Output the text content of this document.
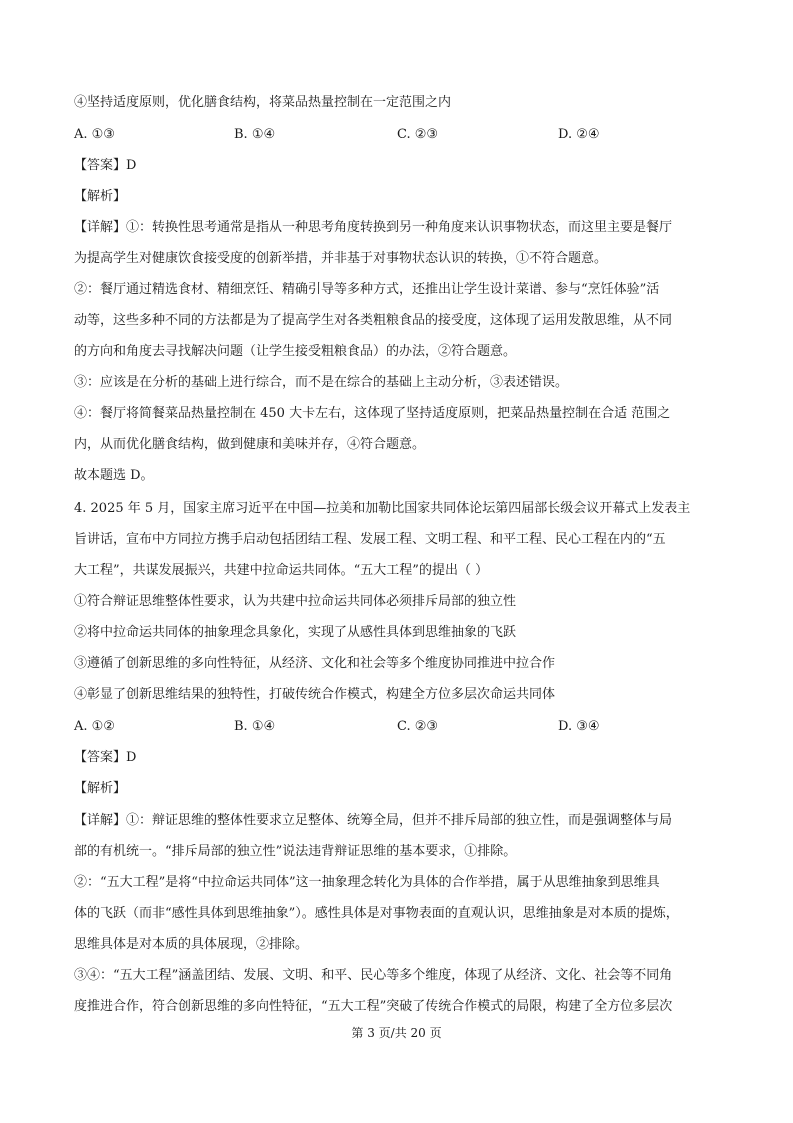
④坚持适度原则，优化膳食结构，将菜品热量控制在一定范围之内
A. ①③	B. ①④	C. ②③	D. ②④
【答案】D
【解析】
【详解】①：转换性思考通常是指从一种思考角度转换到另一种角度来认识事物状态，而这里主要是餐厅
为提高学生对健康饮食接受度的创新举措，并非基于对事物状态认识的转换，①不符合题意。
②：餐厅通过精选食材、精细烹饪、精确引导等多种方式，还推出让学生设计菜谱、参与“烹饪体验”活
动等，这些多种不同的方法都是为了提高学生对各类粗粮食品的接受度，这体现了运用发散思维，从不同
的方向和角度去寻找解决问题（让学生接受粗粮食品）的办法，②符合题意。
③：应该是在分析的基础上进行综合，而不是在综合的基础上主动分析，③表述错误。
④：餐厅将简餐菜品热量控制在 450 大卡左右，这体现了坚持适度原则，把菜品热量控制在合适 范围之
内，从而优化膳食结构，做到健康和美味并存，④符合题意。
故本题选 D。
4. 2025 年 5 月，国家主席习近平在中国—拉美和加勒比国家共同体论坛第四届部长级会议开幕式上发表主
旨讲话，宣布中方同拉方携手启动包括团结工程、发展工程、文明工程、和平工程、民心工程在内的“五
大工程”，共谋发展振兴，共建中拉命运共同体。“五大工程”的提出（ ）
①符合辩证思维整体性要求，认为共建中拉命运共同体必须排斥局部的独立性
②将中拉命运共同体的抽象理念具象化，实现了从感性具体到思维抽象的飞跃
③遵循了创新思维的多向性特征，从经济、文化和社会等多个维度协同推进中拉合作
④彰显了创新思维结果的独特性，打破传统合作模式，构建全方位多层次命运共同体
A. ①②	B. ①④	C. ②③	D. ③④
【答案】D
【解析】
【详解】①：辩证思维的整体性要求立足整体、统筹全局，但并不排斥局部的独立性，而是强调整体与局
部的有机统一。“排斥局部的独立性”说法违背辩证思维的基本要求，①排除。
②：“五大工程”是将“中拉命运共同体”这一抽象理念转化为具体的合作举措，属于从思维抽象到思维具
体的飞跃（而非“感性具体到思维抽象”）。感性具体是对事物表面的直观认识，思维抽象是对本质的提炼，
思维具体是对本质的具体展现，②排除。
③④：“五大工程”涵盖团结、发展、文明、和平、民心等多个维度，体现了从经济、文化、社会等不同角
度推进合作，符合创新思维的多向性特征，“五大工程”突破了传统合作模式的局限，构建了全方位多层次
第 3 页/共 20 页
